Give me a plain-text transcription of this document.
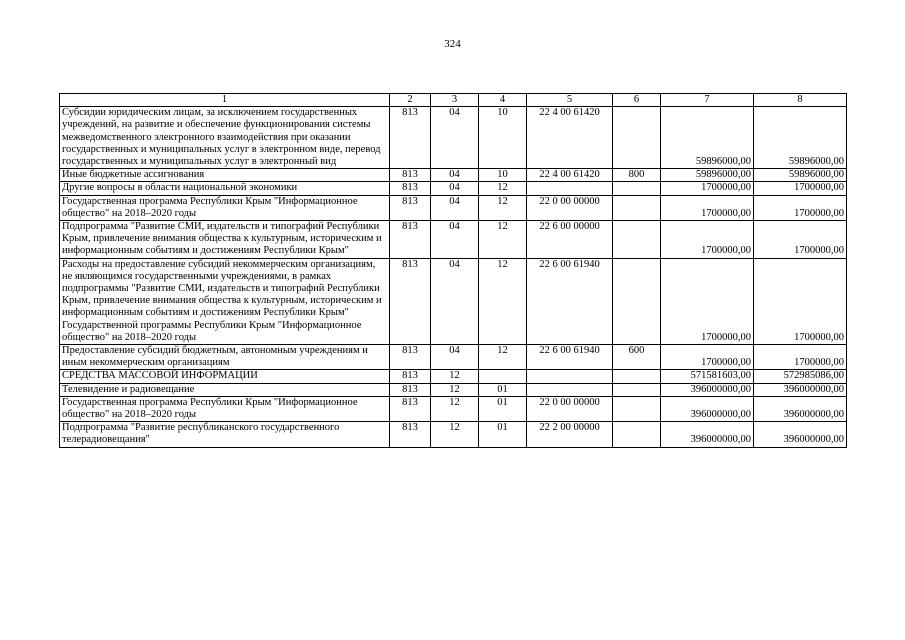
324
1	2	3	4	5	6	7	8
Субсидии юридическим лицам, за исключением государственных учреждений, на развитие и обеспечение функционирования системы межведомственного электронного взаимодействия при оказании государственных и муниципальных услуг в электронном виде, перевод государственных и муниципальных услуг в электронный вид	813	04	10	22 4 00 61420		59896000,00	59896000,00
Иные бюджетные ассигнования	813	04	10	22 4 00 61420	800	59896000,00	59896000,00
Другие вопросы в области национальной экономики	813	04	12			1700000,00	1700000,00
Государственная программа Республики Крым "Информационное общество" на 2018–2020 годы	813	04	12	22 0 00 00000		1700000,00	1700000,00
Подпрограмма "Развитие СМИ, издательств и типографий Республики Крым, привлечение внимания общества к культурным, историческим и информационным событиям и достижениям Республики Крым"	813	04	12	22 6 00 00000		1700000,00	1700000,00
Расходы на предоставление субсидий некоммерческим организациям, не являющимся государственными учреждениями, в рамках подпрограммы "Развитие СМИ, издательств и типографий Республики Крым, привлечение внимания общества к культурным, историческим и информационным событиям и достижениям Республики Крым" Государственной программы Республики Крым "Информационное общество" на 2018–2020 годы	813	04	12	22 6 00 61940		1700000,00	1700000,00
Предоставление субсидий бюджетным, автономным учреждениям и иным некоммерческим организациям	813	04	12	22 6 00 61940	600	1700000,00	1700000,00
СРЕДСТВА МАССОВОЙ ИНФОРМАЦИИ	813	12				571581603,00	572985086,00
Телевидение и радиовещание	813	12	01			396000000,00	396000000,00
Государственная программа Республики Крым "Информационное общество" на 2018–2020 годы	813	12	01	22 0 00 00000		396000000,00	396000000,00
Подпрограмма "Развитие республиканского государственного телерадиовещания"	813	12	01	22 2 00 00000		396000000,00	396000000,00
